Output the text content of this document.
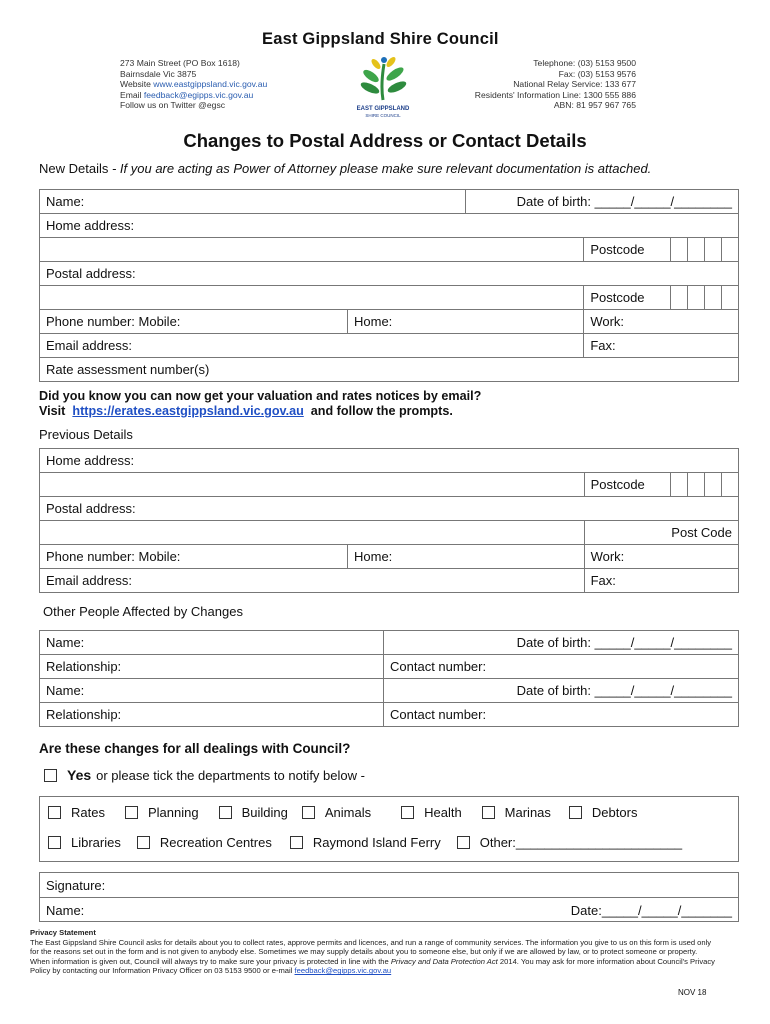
East Gippsland Shire Council
273 Main Street (PO Box 1618)
Bairnsdale Vic 3875
Website www.eastgippsland.vic.gov.au
Email feedback@egipps.vic.gov.au
Follow us on Twitter @egsc	EAST GIPPSLAND
SHIRE COUNCIL
Telephone: (03) 5153 9500
Fax: (03) 5153 9576
National Relay Service: 133 677
Residents' Information Line: 1300 555 886
ABN: 81 957 967 765
Changes to Postal Address or Contact Details
New Details - If you are acting as Power of Attorney please make sure relevant documentation is attached.
Name:		Date of birth: _____/_____/________					
Home address:							
			Postcode				
Postal address:							
			Postcode				
Phone number: Mobile:	Home:		Work:				
Email address:			Fax:				
Rate assessment number(s)							
Did you know you can now get your valuation and rates notices by email?
Visit https://erates.eastgippsland.vic.gov.au and follow the prompts.
Previous Details
Home address:						
		Postcode				
Postal address:						
		Post Code				
Phone number: Mobile:	Home:	Work:				
Email address:		Fax:				
Other People Affected by Changes
Name:	Date of birth: _____/_____/________
Relationship:	Contact number:
Name:	Date of birth: _____/_____/________
Relationship:	Contact number:
Are these changes for all dealings with Council?
Yes or please tick the departments to notify below -
Rates	Planning	Building	Animals	Health	Marinas	Debtors
Libraries	Recreation Centres	Raymond Island Ferry	Other:_______________________
Signature:
Name:	Date:_____/_____/_______
Privacy Statement
The East Gippsland Shire Council asks for details about you to collect rates, approve permits and licences, and run a range of community services. The information you give to us on this form is used only for the reasons set out in the form and is not given to anybody else. Sometimes we may supply details about you to someone else, but only if we are allowed by law, or to protect someone or property.
When information is given out, Council will always try to make sure your privacy is protected in line with the Privacy and Data Protection Act 2014. You may ask for more information about Council's Privacy Policy by contacting our Information Privacy Officer on 03 5153 9500 or e-mail feedback@egipps.vic.gov.au
NOV 18
